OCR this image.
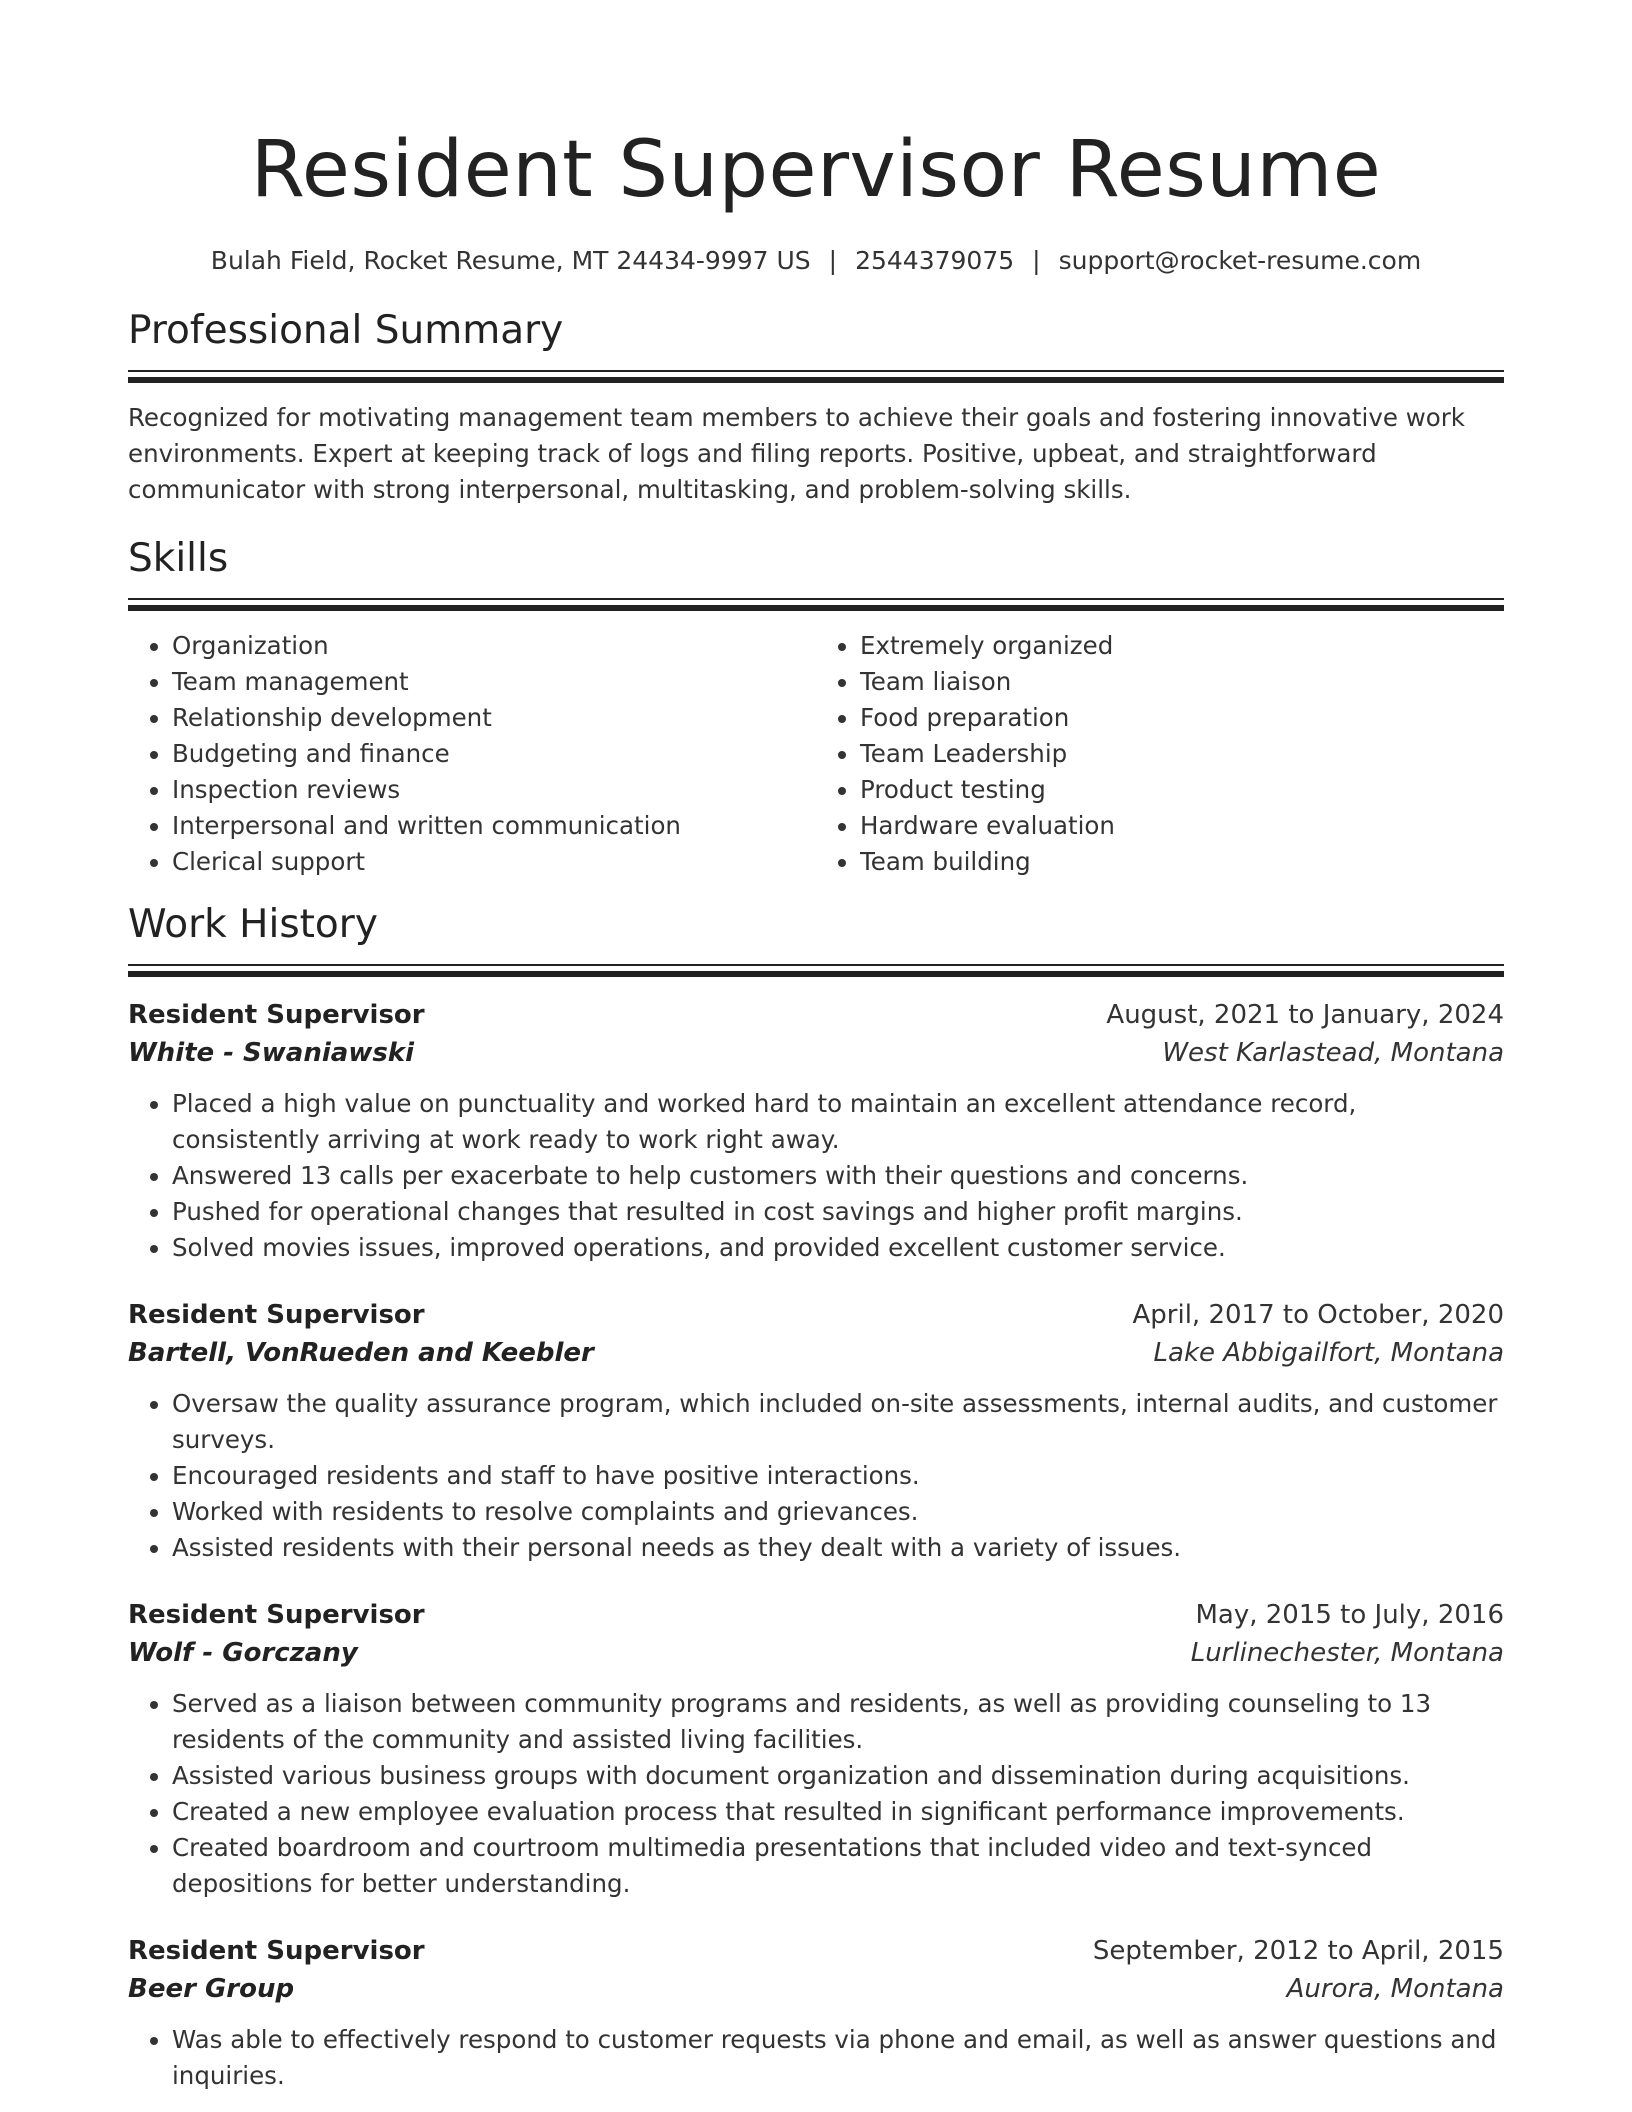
Resident Supervisor Resume
Bulah Field, Rocket Resume, MT 24434-9997 US | 2544379075 | support@rocket-resume.com
Professional Summary

Recognized for motivating management team members to achieve their goals and fostering innovative work environments. Expert at keeping track of logs and filing reports. Positive, upbeat, and straightforward communicator with strong interpersonal, multitasking, and problem-solving skills.

Skills
• Organization
• Team management
• Relationship development
• Budgeting and finance
• Inspection reviews
• Interpersonal and written communication
• Clerical support
• Extremely organized
• Team liaison
• Food preparation
• Team Leadership
• Product testing
• Hardware evaluation
• Team building
Work History
Resident Supervisor	August, 2021 to January, 2024
White - Swaniawski	West Karlastead, Montana
• Placed a high value on punctuality and worked hard to maintain an excellent attendance record, consistently arriving at work ready to work right away.
• Answered 13 calls per exacerbate to help customers with their questions and concerns.
• Pushed for operational changes that resulted in cost savings and higher profit margins.
• Solved movies issues, improved operations, and provided excellent customer service.
Resident Supervisor	April, 2017 to October, 2020
Bartell, VonRueden and Keebler	Lake Abbigailfort, Montana
• Oversaw the quality assurance program, which included on-site assessments, internal audits, and customer surveys.
• Encouraged residents and staff to have positive interactions.
• Worked with residents to resolve complaints and grievances.
• Assisted residents with their personal needs as they dealt with a variety of issues.
Resident Supervisor	May, 2015 to July, 2016
Wolf - Gorczany	Lurlinechester, Montana
• Served as a liaison between community programs and residents, as well as providing counseling to 13 residents of the community and assisted living facilities.
• Assisted various business groups with document organization and dissemination during acquisitions.
• Created a new employee evaluation process that resulted in significant performance improvements.
• Created boardroom and courtroom multimedia presentations that included video and text-synced depositions for better understanding.
Resident Supervisor	September, 2012 to April, 2015
Beer Group	Aurora, Montana
• Was able to effectively respond to customer requests via phone and email, as well as answer questions and inquiries.
